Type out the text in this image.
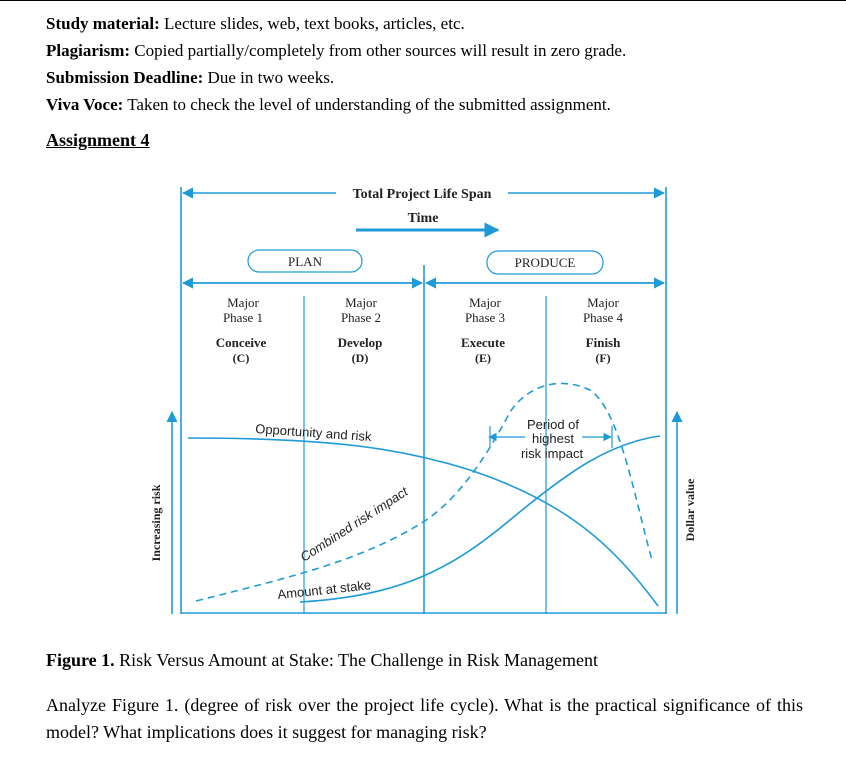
Study material: Lecture slides, web, text books, articles, etc.
Plagiarism: Copied partially/completely from other sources will result in zero grade.
Submission Deadline: Due in two weeks.
Viva Voce: Taken to check the level of understanding of the submitted assignment.
Assignment 4
Total Project Life Span
Time
PLAN	PRODUCE
Major
Phase 1
Major
Phase 2
Major
Phase 3
Major
Phase 4
Conceive
(C)
Develop
(D)
Execute
(E)
Finish
(F)
Opportunity and risk
Combined risk impact
Amount at stake
Period of
highest
risk impact
Increasing risk	Dollar value
Figure 1. Risk Versus Amount at Stake: The Challenge in Risk Management
Analyze Figure 1. (degree of risk over the project life cycle). What is the practical significance of this model? What implications does it suggest for managing risk?
